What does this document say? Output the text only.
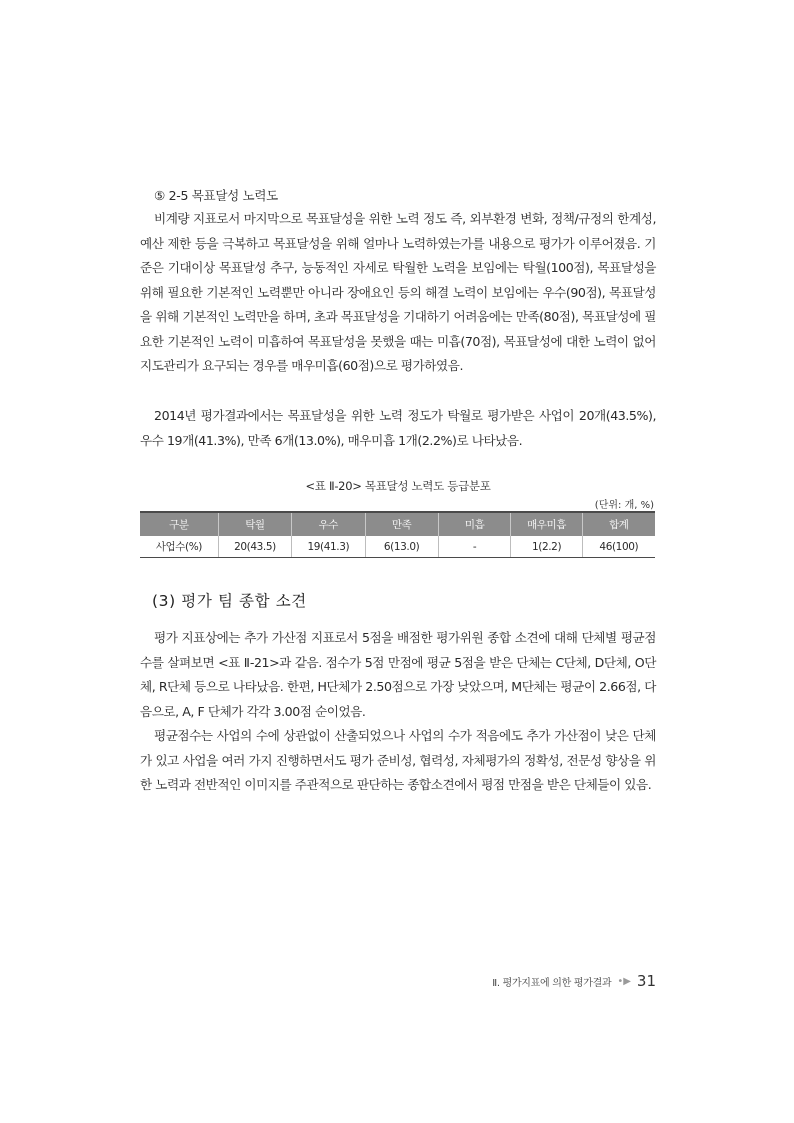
⑤ 2-5 목표달성 노력도

비계량 지표로서 마지막으로 목표달성을 위한 노력 정도 즉, 외부환경 변화, 정책/규정의 한계성, 예산 제한 등을 극복하고 목표달성을 위해 얼마나 노력하였는가를 내용으로 평가가 이루어졌음. 기준은 기대이상 목표달성 추구, 능동적인 자세로 탁월한 노력을 보임에는 탁월(100점), 목표달성을 위해 필요한 기본적인 노력뿐만 아니라 장애요인 등의 해결 노력이 보임에는 우수(90점), 목표달성을 위해 기본적인 노력만을 하며, 초과 목표달성을 기대하기 어려움에는 만족(80점), 목표달성에 필요한 기본적인 노력이 미흡하여 목표달성을 못했을 때는 미흡(70점), 목표달성에 대한 노력이 없어 지도관리가 요구되는 경우를 매우미흡(60점)으로 평가하였음.

2014년 평가결과에서는 목표달성을 위한 노력 정도가 탁월로 평가받은 사업이 20개(43.5%), 우수 19개(41.3%), 만족 6개(13.0%), 매우미흡 1개(2.2%)로 나타났음.

<표 Ⅱ-20> 목표달성 노력도 등급분포
(단위: 개, %)
구분	탁월	우수	만족	미흡	매우미흡	합계
사업수(%)	20(43.5)	19(41.3)	6(13.0)	-	1(2.2)	46(100)
(3) 평가 팀 종합 소견

평가 지표상에는 추가 가산점 지표로서 5점을 배점한 평가위원 종합 소견에 대해 단체별 평균점수를 살펴보면 <표 Ⅱ-21>과 같음. 점수가 5점 만점에 평균 5점을 받은 단체는 C단체, D단체, O단체, R단체 등으로 나타났음. 한편, H단체가 2.50점으로 가장 낮았으며, M단체는 평균이 2.66점, 다음으로, A, F 단체가 각각 3.00점 순이었음.

평균점수는 사업의 수에 상관없이 산출되었으나 사업의 수가 적음에도 추가 가산점이 낮은 단체가 있고 사업을 여러 가지 진행하면서도 평가 준비성, 협력성, 자체평가의 정확성, 전문성 향상을 위한 노력과 전반적인 이미지를 주관적으로 판단하는 종합소견에서 평점 만점을 받은 단체들이 있음.

Ⅱ. 평가지표에 의한 평가결과 •▶ 31
